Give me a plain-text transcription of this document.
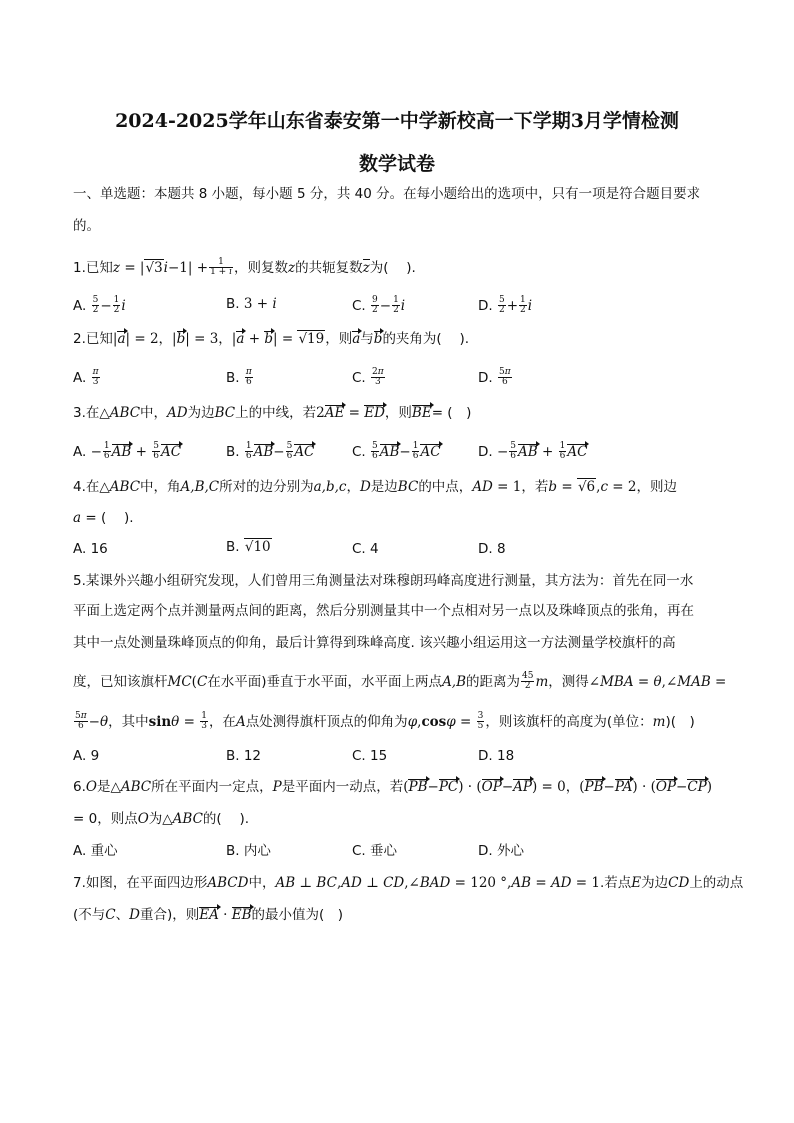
2024-2025学年山东省泰安第一中学新校高一下学期3月学情检测
数学试卷
一、单选题：本题共 8 小题，每小题 5 分，共 40 分。在每小题给出的选项中，只有一项是符合题目要求
的。
1.已知$z = |√3i-1| + \frac{1}{1 + i}$ ，则复数z的共轭复数z为(　 ).
A. $\frac{5}{2} - \frac{1}{2}$ i	B. 3 + i	C. $\frac{9}{2} - \frac{1}{2}$ i	D. $\frac{5}{2} + \frac{1}{2}$ i
2.已知|a| = 2，|b| = 3，|a + b| = √19，则a与b的夹角为(　 ).
A. $\frac{\pi}{3}$	B. $\frac{\pi}{6}$	C. $\frac{2\pi}{3}$	D. $\frac{5\pi}{6}$
3.在△ABC中，AD为边BC上的中线，若2AE = ED，则BE= (　)
A. − $\frac{1}{6}$ AB + $\frac{5}{6}$ AC	B. $\frac{1}{6} AB- \frac{5}{6}$ AC	C. $\frac{5}{6} AB- \frac{1}{6}$ AC	D. − $\frac{5}{6}$ AB + $\frac{1}{6}$ AC
4.在△ABC中，角A,B,C所对的边分别为a,b,c，D是边BC的中点，AD = 1，若b = √6,c = 2，则边
a = (　 ).
A. 16	B. √10	C. 4	D. 8
5.某课外兴趣小组研究发现，人们曾用三角测量法对珠穆朗玛峰高度进行测量，其方法为：首先在同一水
平面上选定两个点并测量两点间的距离，然后分别测量其中一个点相对另一点以及珠峰顶点的张角，再在
其中一点处测量珠峰顶点的仰角，最后计算得到珠峰高度. 该兴趣小组运用这一方法测量学校旗杆的高
度，已知该旗杆MC(C在水平面)垂直于水平面，水平面上两点A,B的距离为 $\frac{45}{2}$ m，测得∠MBA = θ,∠MAB =
$\frac{5\pi}{6} -\theta$，其中$\sin\theta = \frac{1}{3}$ ，在A点处测得旗杆顶点的仰角为$\varphi,\cos\varphi = \frac{3}{5}$ ，则该旗杆的高度为(单位：m)(　)
A. 9	B. 12	C. 15	D. 18
6.O是△ABC所在平面内一定点，P是平面内一动点，若(PB−PC) · (OP−AP) = 0，(PB−PA) · (OP−CP)
= 0，则点O为△ABC的(　 ).
A. 重心	B. 内心	C. 垂心	D. 外心
7.如图，在平面四边形ABCD中，AB ⊥ BC,AD ⊥ CD,∠BAD = 120 °,AB = AD = 1.若点E为边CD上的动点
(不与C、D重合)，则EA · EB的最小值为(　)
